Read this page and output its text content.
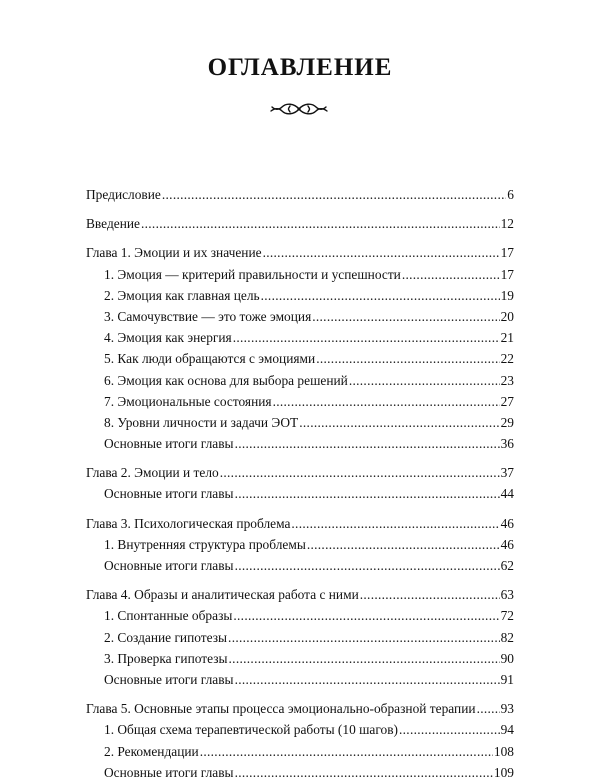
ОГЛАВЛЕНИЕ
Предисловие .....	6
Введение .....	12
Глава 1. Эмоции и их значение .....	17
1. Эмоция — критерий правильности и успешности .....	17
2. Эмоция как главная цель .....	19
3. Самочувствие — это тоже эмоция .....	20
4. Эмоция как энергия .....	21
5. Как люди обращаются с эмоциями .....	22
6. Эмоция как основа для выбора решений .....	23
7. Эмоциональные состояния .....	27
8. Уровни личности и задачи ЭОТ .....	29
Основные итоги главы .....	36
Глава 2. Эмоции и тело .....	37
Основные итоги главы .....	44
Глава 3. Психологическая проблема .....	46
1. Внутренняя структура проблемы .....	46
Основные итоги главы .....	62
Глава 4. Образы и аналитическая работа с ними .....	63
1. Спонтанные образы .....	72
2. Создание гипотезы .....	82
3. Проверка гипотезы .....	90
Основные итоги главы .....	91
Глава 5. Основные этапы процесса эмоционально-образной терапии ..... 93
1. Общая схема терапевтической работы (10 шагов) .....	94
2. Рекомендации .....	108
Основные итоги главы .....	109
